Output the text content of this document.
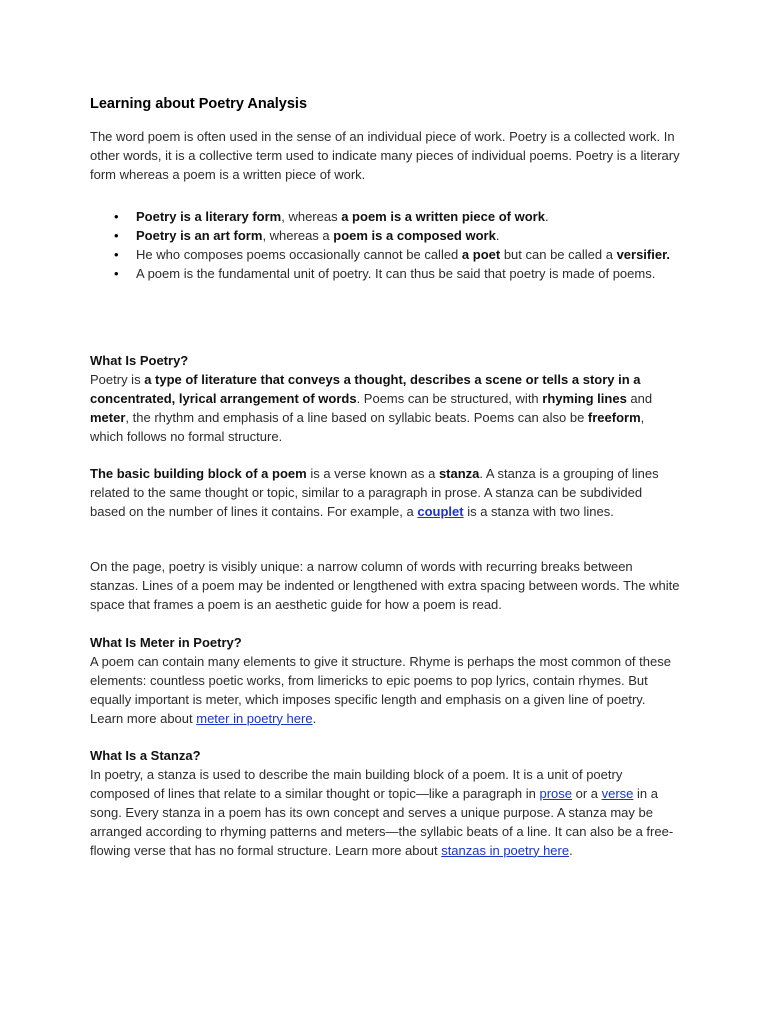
Learning about Poetry Analysis
The word poem is often used in the sense of an individual piece of work. Poetry is a collected work. In other words, it is a collective term used to indicate many pieces of individual poems. Poetry is a literary form whereas a poem is a written piece of work.
• Poetry is a literary form, whereas a poem is a written piece of work.
• Poetry is an art form, whereas a poem is a composed work.
• He who composes poems occasionally cannot be called a poet but can be called a versifier.
• A poem is the fundamental unit of poetry. It can thus be said that poetry is made of poems.
What Is Poetry?
Poetry is a type of literature that conveys a thought, describes a scene or tells a story in a concentrated, lyrical arrangement of words. Poems can be structured, with rhyming lines and meter, the rhythm and emphasis of a line based on syllabic beats. Poems can also be freeform, which follows no formal structure.
The basic building block of a poem is a verse known as a stanza. A stanza is a grouping of lines related to the same thought or topic, similar to a paragraph in prose. A stanza can be subdivided based on the number of lines it contains. For example, a couplet is a stanza with two lines.
On the page, poetry is visibly unique: a narrow column of words with recurring breaks between stanzas. Lines of a poem may be indented or lengthened with extra spacing between words. The white space that frames a poem is an aesthetic guide for how a poem is read.
What Is Meter in Poetry?
A poem can contain many elements to give it structure. Rhyme is perhaps the most common of these elements: countless poetic works, from limericks to epic poems to pop lyrics, contain rhymes. But equally important is meter, which imposes specific length and emphasis on a given line of poetry. Learn more about meter in poetry here.
What Is a Stanza?
In poetry, a stanza is used to describe the main building block of a poem. It is a unit of poetry composed of lines that relate to a similar thought or topic—like a paragraph in prose or a verse in a song. Every stanza in a poem has its own concept and serves a unique purpose. A stanza may be arranged according to rhyming patterns and meters—the syllabic beats of a line. It can also be a free-flowing verse that has no formal structure. Learn more about stanzas in poetry here.
